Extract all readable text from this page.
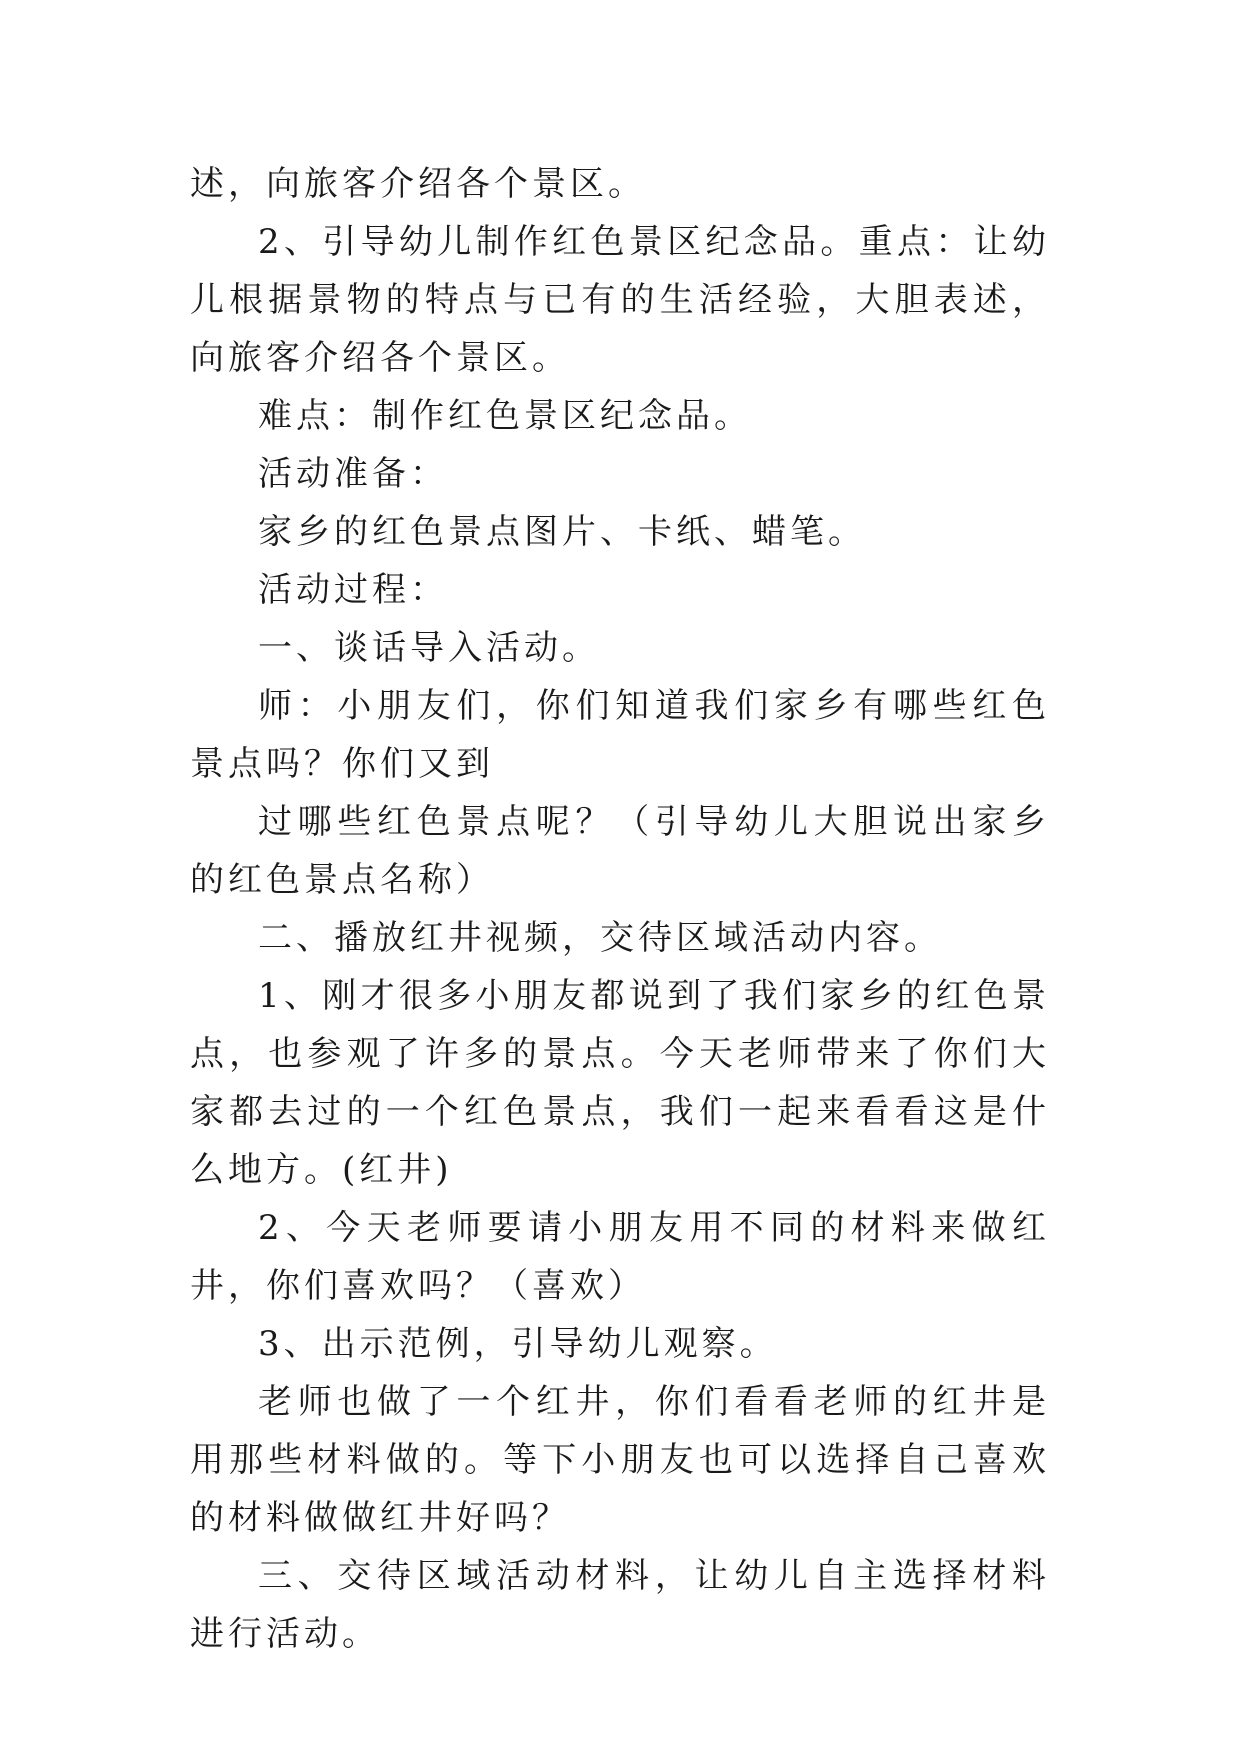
述，向旅客介绍各个景区。

2、引导幼儿制作红色景区纪念品。重点：让幼儿根据景物的特点与已有的生活经验，大胆表述，向旅客介绍各个景区。

难点：制作红色景区纪念品。

活动准备：

家乡的红色景点图片、卡纸、蜡笔。

活动过程：

一、谈话导入活动。

师：小朋友们，你们知道我们家乡有哪些红色景点吗？你们又到

过哪些红色景点呢？（引导幼儿大胆说出家乡的红色景点名称）

二、播放红井视频，交待区域活动内容。

1、刚才很多小朋友都说到了我们家乡的红色景点，也参观了许多的景点。今天老师带来了你们大家都去过的一个红色景点，我们一起来看看这是什么地方。(红井)

2、今天老师要请小朋友用不同的材料来做红井，你们喜欢吗？（喜欢）

3、出示范例，引导幼儿观察。

老师也做了一个红井，你们看看老师的红井是用那些材料做的。等下小朋友也可以选择自己喜欢的材料做做红井好吗？

三、交待区域活动材料，让幼儿自主选择材料进行活动。
